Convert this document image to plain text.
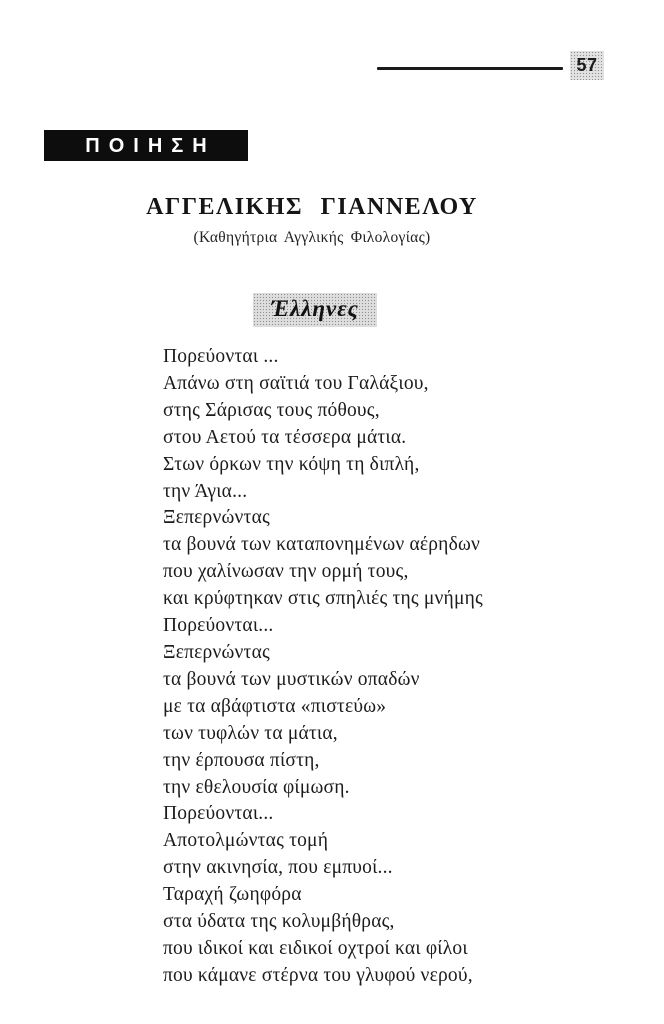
57
ΠΟΙΗΣΗ
ΑΓΓΕΛΙΚΗΣ ΓΙΑΝΝΕΛΟΥ
(Καθηγήτρια Αγγλικής Φιλολογίας)
Έλληνες
Πορεύονται ...
Απάνω στη σαϊτιά του Γαλάξιου,
στης Σάρισας τους πόθους,
στου Αετού τα τέσσερα μάτια.
Στων όρκων την κόψη τη διπλή,
την Άγια...
Ξεπερνώντας
τα βουνά των καταπονημένων αέρηδων
που χαλίνωσαν την ορμή τους,
και κρύφτηκαν στις σπηλιές της μνήμης
Πορεύονται...
Ξεπερνώντας
τα βουνά των μυστικών οπαδών
με τα αβάφτιστα «πιστεύω»
των τυφλών τα μάτια,
την έρπουσα πίστη,
την εθελουσία φίμωση.
Πορεύονται...
Αποτολμώντας τομή
στην ακινησία, που εμπυοί...
Ταραχή ζωηφόρα
στα ύδατα της κολυμβήθρας,
που ιδικοί και ειδικοί οχτροί και φίλοι
που κάμανε στέρνα του γλυφού νερού,
